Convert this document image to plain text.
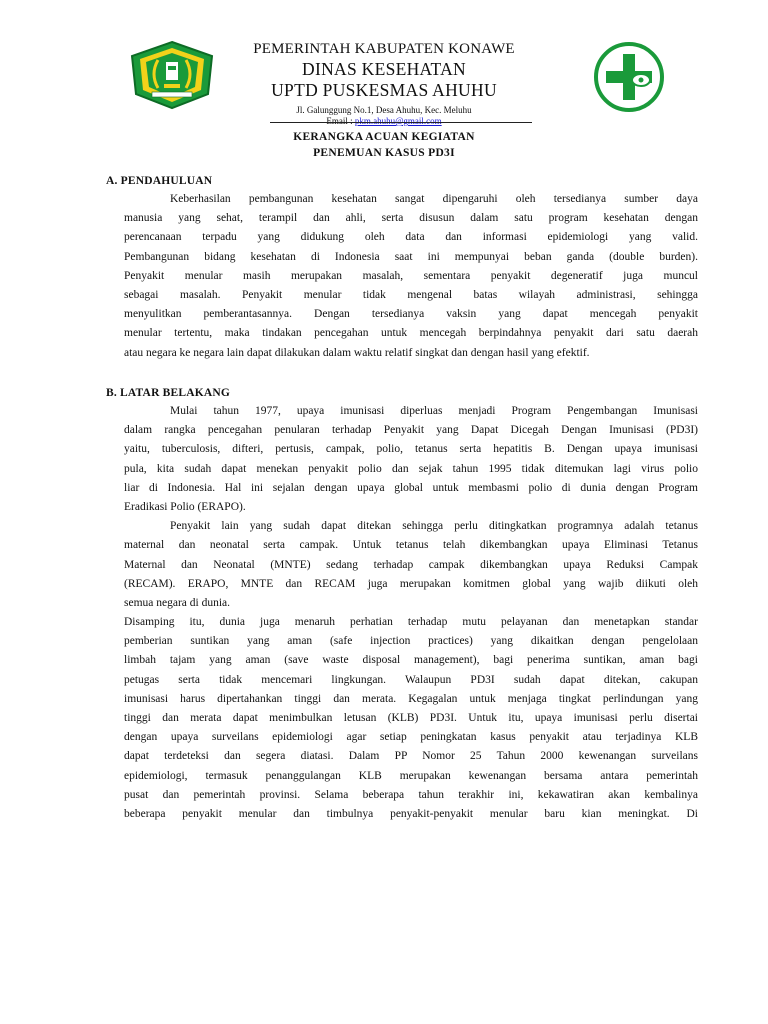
PEMERINTAH KABUPATEN KONAWE
DINAS KESEHATAN
UPTD PUSKESMAS AHUHU
Jl. Galunggung No.1, Desa Ahuhu, Kec. Meluhu
Email : pkm.ahuhu@gmail.com
KERANGKA ACUAN KEGIATAN
PENEMUAN KASUS PD3I
A. PENDAHULUAN
Keberhasilan pembangunan kesehatan sangat dipengaruhi oleh tersedianya sumber daya
manusia yang sehat, terampil dan ahli, serta disusun dalam satu program kesehatan dengan
perencanaan terpadu yang didukung oleh data dan informasi epidemiologi yang valid.
Pembangunan bidang kesehatan di Indonesia saat ini mempunyai beban ganda (double burden).
Penyakit menular masih merupakan masalah, sementara penyakit degeneratif juga muncul
sebagai masalah. Penyakit menular tidak mengenal batas wilayah administrasi, sehingga
menyulitkan pemberantasannya. Dengan tersedianya vaksin yang dapat mencegah penyakit
menular tertentu, maka tindakan pencegahan untuk mencegah berpindahnya penyakit dari satu daerah
atau negara ke negara lain dapat dilakukan dalam waktu relatif singkat dan dengan hasil yang efektif.
B. LATAR BELAKANG
Mulai tahun 1977, upaya imunisasi diperluas menjadi Program Pengembangan Imunisasi
dalam rangka pencegahan penularan terhadap Penyakit yang Dapat Dicegah Dengan Imunisasi (PD3I)
yaitu, tuberculosis, difteri, pertusis, campak, polio, tetanus serta hepatitis B. Dengan upaya imunisasi
pula, kita sudah dapat menekan penyakit polio dan sejak tahun 1995 tidak ditemukan lagi virus polio
liar di Indonesia. Hal ini sejalan dengan upaya global untuk membasmi polio di dunia dengan Program
Eradikasi Polio (ERAPO).
Penyakit lain yang sudah dapat ditekan sehingga perlu ditingkatkan programnya adalah tetanus
maternal dan neonatal serta campak. Untuk tetanus telah dikembangkan upaya Eliminasi Tetanus
Maternal dan Neonatal (MNTE) sedang terhadap campak dikembangkan upaya Reduksi Campak
(RECAM). ERAPO, MNTE dan RECAM juga merupakan komitmen global yang wajib diikuti oleh
semua negara di dunia.
Disamping itu, dunia juga menaruh perhatian terhadap mutu pelayanan dan menetapkan standar
pemberian suntikan yang aman (safe injection practices) yang dikaitkan dengan pengelolaan
limbah tajam yang aman (save waste disposal management), bagi penerima suntikan, aman bagi
petugas serta tidak mencemari lingkungan. Walaupun PD3I sudah dapat ditekan, cakupan
imunisasi harus dipertahankan tinggi dan merata. Kegagalan untuk menjaga tingkat perlindungan yang
tinggi dan merata dapat menimbulkan letusan (KLB) PD3I. Untuk itu, upaya imunisasi perlu disertai
dengan upaya surveilans epidemiologi agar setiap peningkatan kasus penyakit atau terjadinya KLB
dapat terdeteksi dan segera diatasi. Dalam PP Nomor 25 Tahun 2000 kewenangan surveilans
epidemiologi, termasuk penanggulangan KLB merupakan kewenangan bersama antara pemerintah
pusat dan pemerintah provinsi. Selama beberapa tahun terakhir ini, kekawatiran akan kembalinya
beberapa penyakit menular dan timbulnya penyakit-penyakit menular baru kian meningkat. Di
